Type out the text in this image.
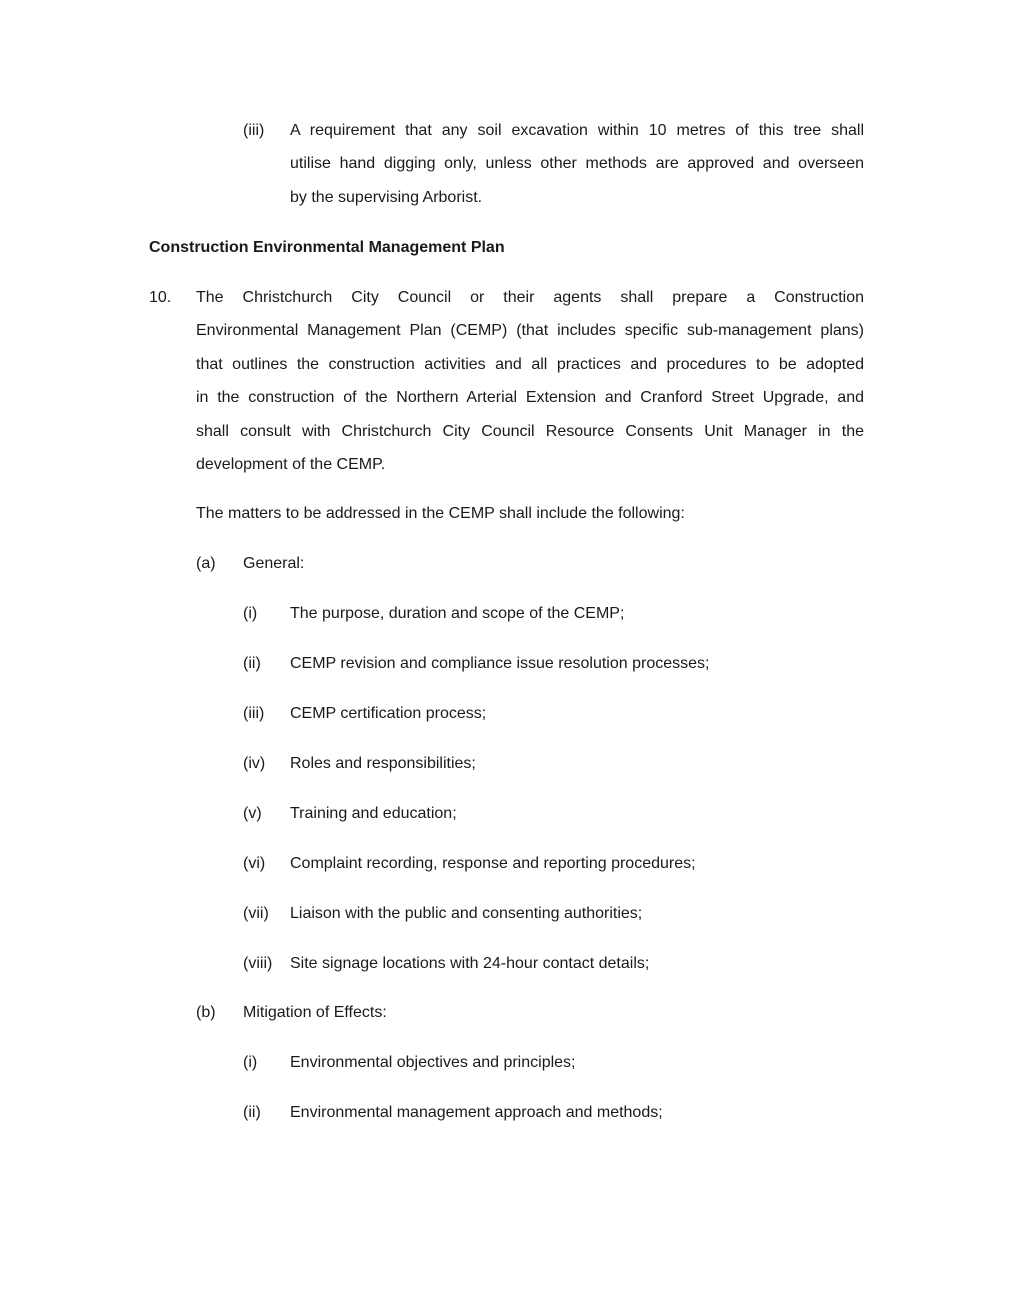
(iii) A requirement that any soil excavation within 10 metres of this tree shall
utilise hand digging only, unless other methods are approved and overseen
by the supervising Arborist.
Construction Environmental Management Plan
10. The Christchurch City Council or their agents shall prepare a Construction
Environmental Management Plan (CEMP) (that includes specific sub-management plans)
that outlines the construction activities and all practices and procedures to be adopted
in the construction of the Northern Arterial Extension and Cranford Street Upgrade, and
shall consult with Christchurch City Council Resource Consents Unit Manager in the
development of the CEMP.
The matters to be addressed in the CEMP shall include the following:
(a) General:
(i) The purpose, duration and scope of the CEMP;
(ii) CEMP revision and compliance issue resolution processes;
(iii) CEMP certification process;
(iv) Roles and responsibilities;
(v) Training and education;
(vi) Complaint recording, response and reporting procedures;
(vii) Liaison with the public and consenting authorities;
(viii) Site signage locations with 24-hour contact details;
(b) Mitigation of Effects:
(i) Environmental objectives and principles;
(ii) Environmental management approach and methods;
